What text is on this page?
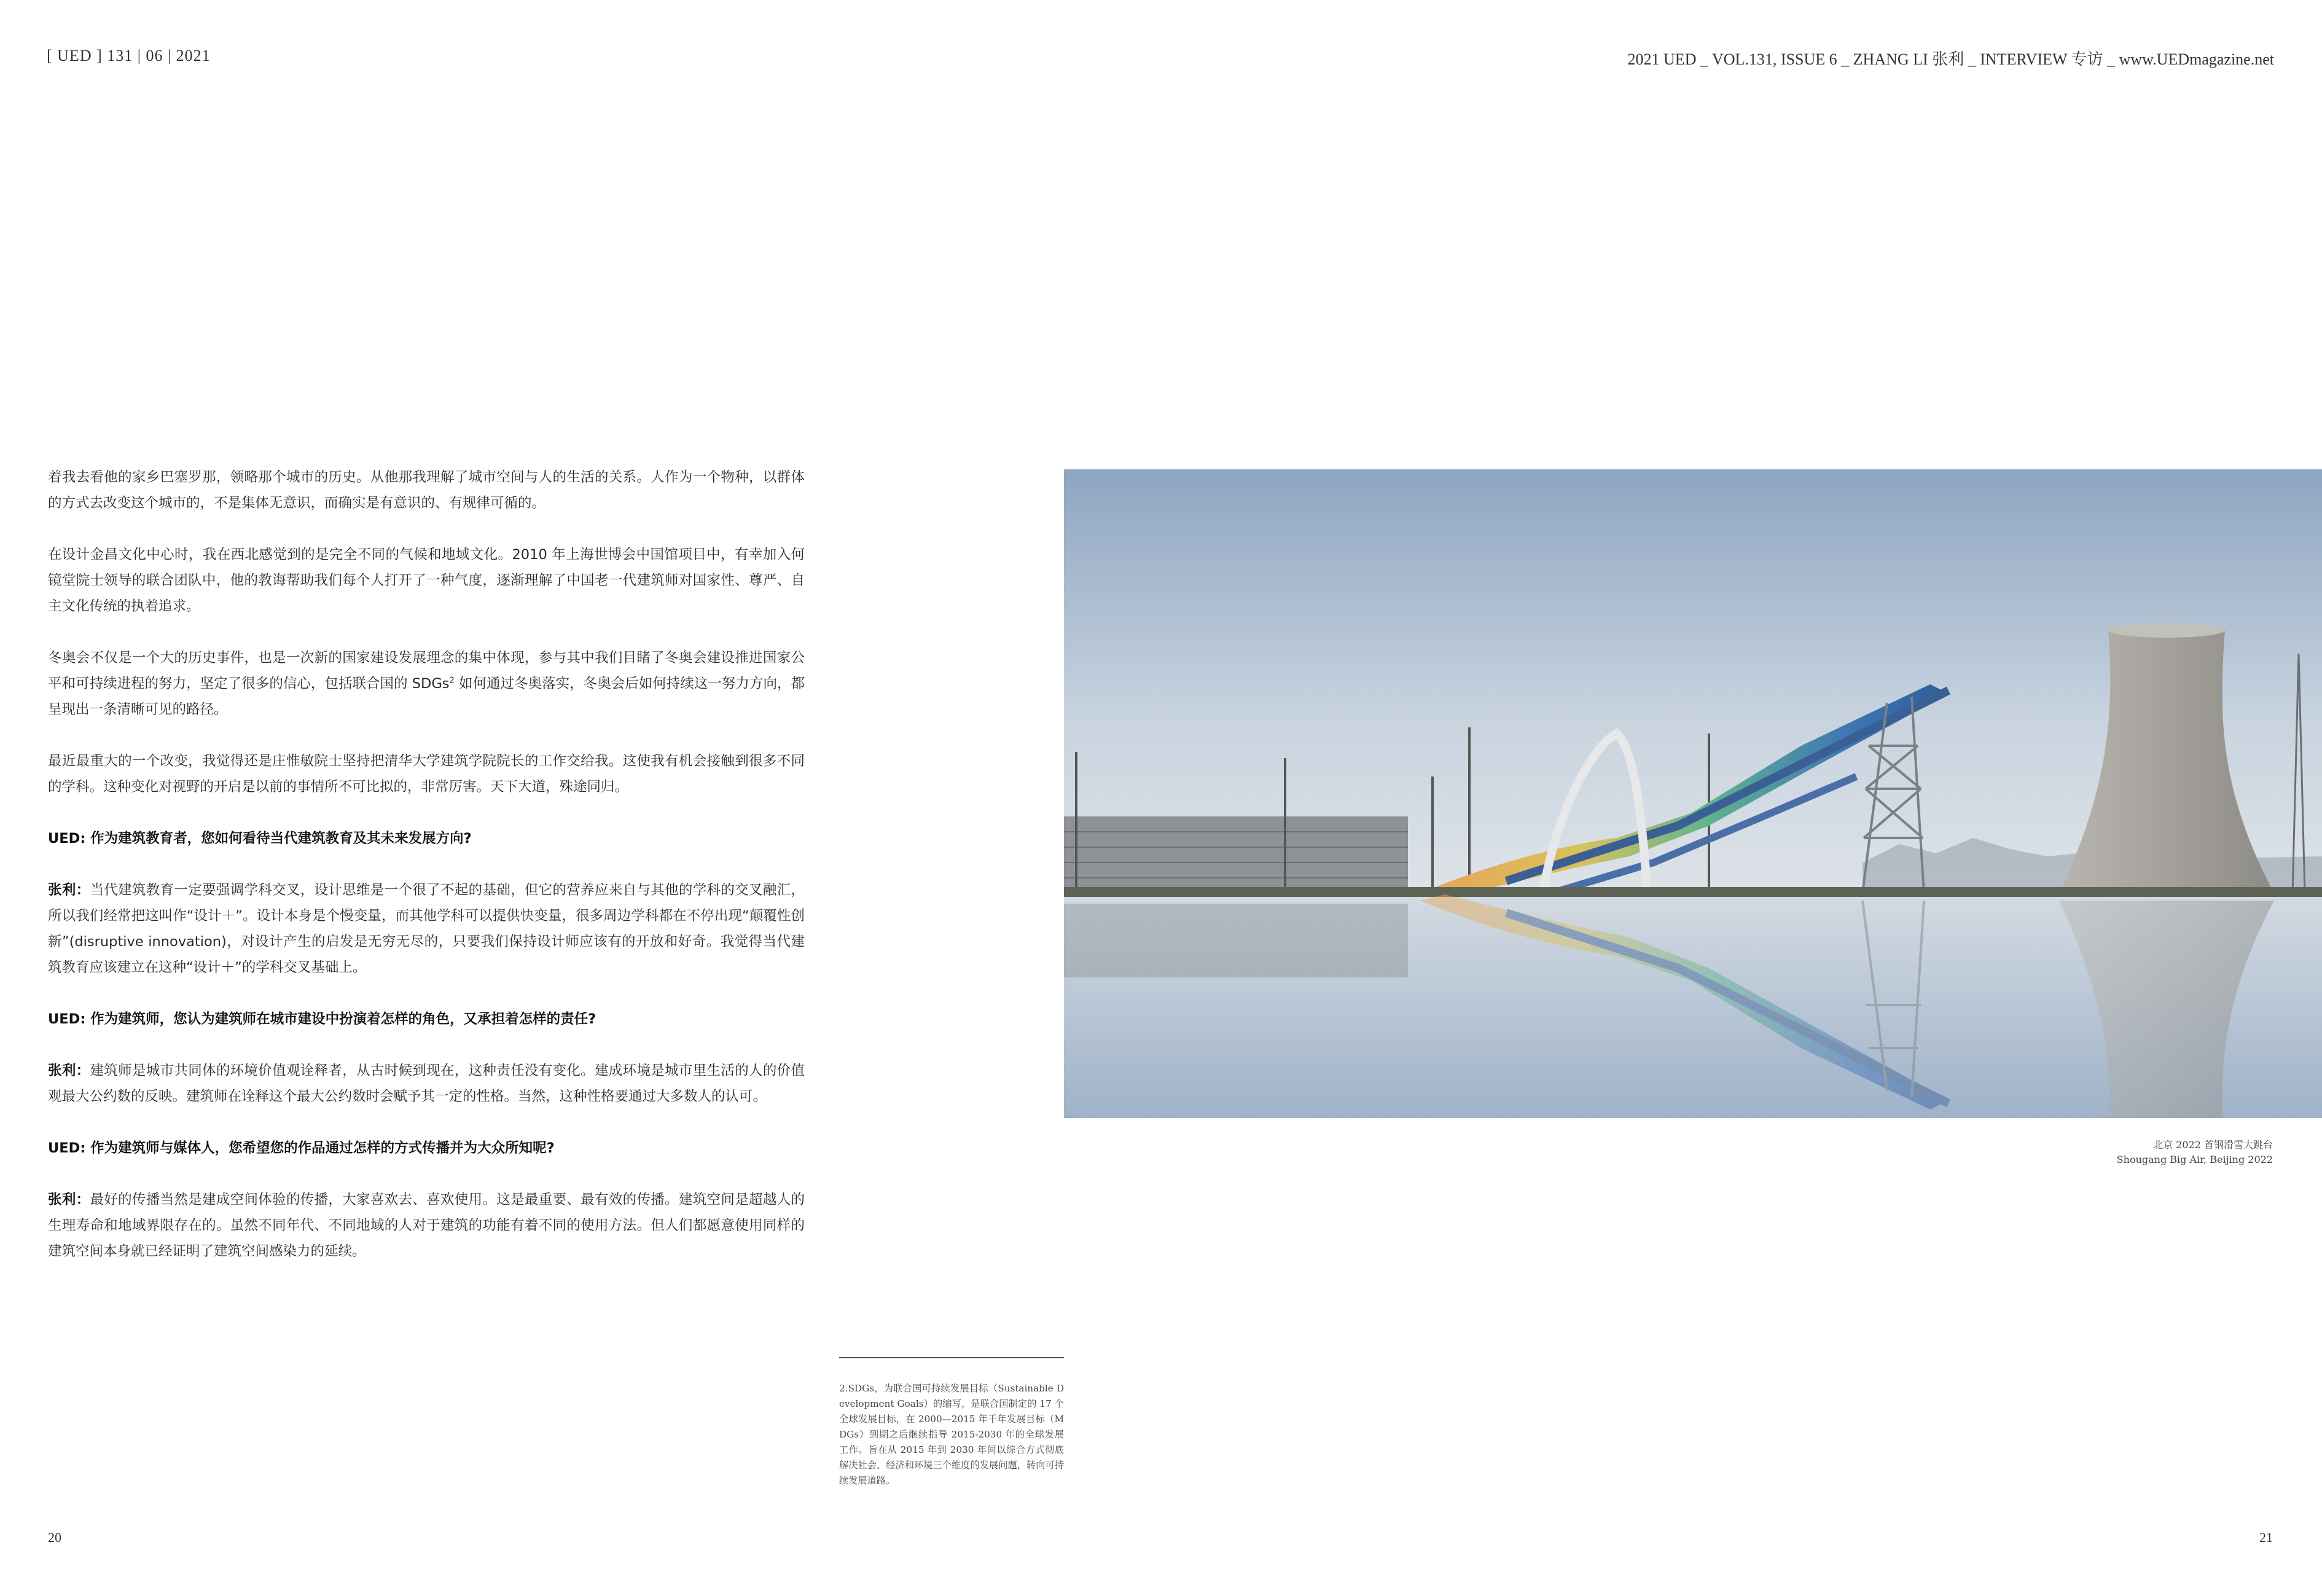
[ UED ] 131 | 06 | 2021	2021 UED _ VOL.131, ISSUE 6 _ ZHANG LI 张利 _ INTERVIEW 专访 _ www.UEDmagazine.net

着我去看他的家乡巴塞罗那，领略那个城市的历史。从他那我理解了城市空间与人的生活的关系。人作为一个物种，以群体的方式去改变这个城市的，不是集体无意识，而确实是有意识的、有规律可循的。

在设计金昌文化中心时，我在西北感觉到的是完全不同的气候和地域文化。2010 年上海世博会中国馆项目中，有幸加入何镜堂院士领导的联合团队中，他的教诲帮助我们每个人打开了一种气度，逐渐理解了中国老一代建筑师对国家性、尊严、自主文化传统的执着追求。

冬奥会不仅是一个大的历史事件，也是一次新的国家建设发展理念的集中体现，参与其中我们目睹了冬奥会建设推进国家公平和可持续进程的努力，坚定了很多的信心，包括联合国的 SDGs$^2$ 如何通过冬奥落实，冬奥会后如何持续这一努力方向，都呈现出一条清晰可见的路径。

最近最重大的一个改变，我觉得还是庄惟敏院士坚持把清华大学建筑学院院长的工作交给我。这使我有机会接触到很多不同的学科。这种变化对视野的开启是以前的事情所不可比拟的，非常厉害。天下大道，殊途同归。

UED: 作为建筑教育者，您如何看待当代建筑教育及其未来发展方向?

张利：当代建筑教育一定要强调学科交叉，设计思维是一个很了不起的基础，但它的营养应来自与其他的学科的交叉融汇，所以我们经常把这叫作“设计＋”。设计本身是个慢变量，而其他学科可以提供快变量，很多周边学科都在不停出现“颠覆性创新”(disruptive innovation)，对设计产生的启发是无穷无尽的，只要我们保持设计师应该有的开放和好奇。我觉得当代建筑教育应该建立在这种“设计＋”的学科交叉基础上。

UED: 作为建筑师，您认为建筑师在城市建设中扮演着怎样的角色，又承担着怎样的责任?

张利：建筑师是城市共同体的环境价值观诠释者，从古时候到现在，这种责任没有变化。建成环境是城市里生活的人的价值观最大公约数的反映。建筑师在诠释这个最大公约数时会赋予其一定的性格。当然，这种性格要通过大多数人的认可。

UED: 作为建筑师与媒体人，您希望您的作品通过怎样的方式传播并为大众所知呢?

张利：最好的传播当然是建成空间体验的传播，大家喜欢去、喜欢使用。这是最重要、最有效的传播。建筑空间是超越人的生理寿命和地域界限存在的。虽然不同年代、不同地域的人对于建筑的功能有着不同的使用方法。但人们都愿意使用同样的建筑空间本身就已经证明了建筑空间感染力的延续。

北京 2022 首钢滑雪大跳台
Shougang Big Air, Beijing 2022
2.SDGs，为联合国可持续发展目标（Sustainable Development Goals）的缩写，是联合国制定的 17 个全球发展目标，在 2000—2015 年千年发展目标（MDGs）到期之后继续指导 2015-2030 年的全球发展工作。旨在从 2015 年到 2030 年间以综合方式彻底解决社会、经济和环境三个维度的发展问题，转向可持续发展道路。
20	21
